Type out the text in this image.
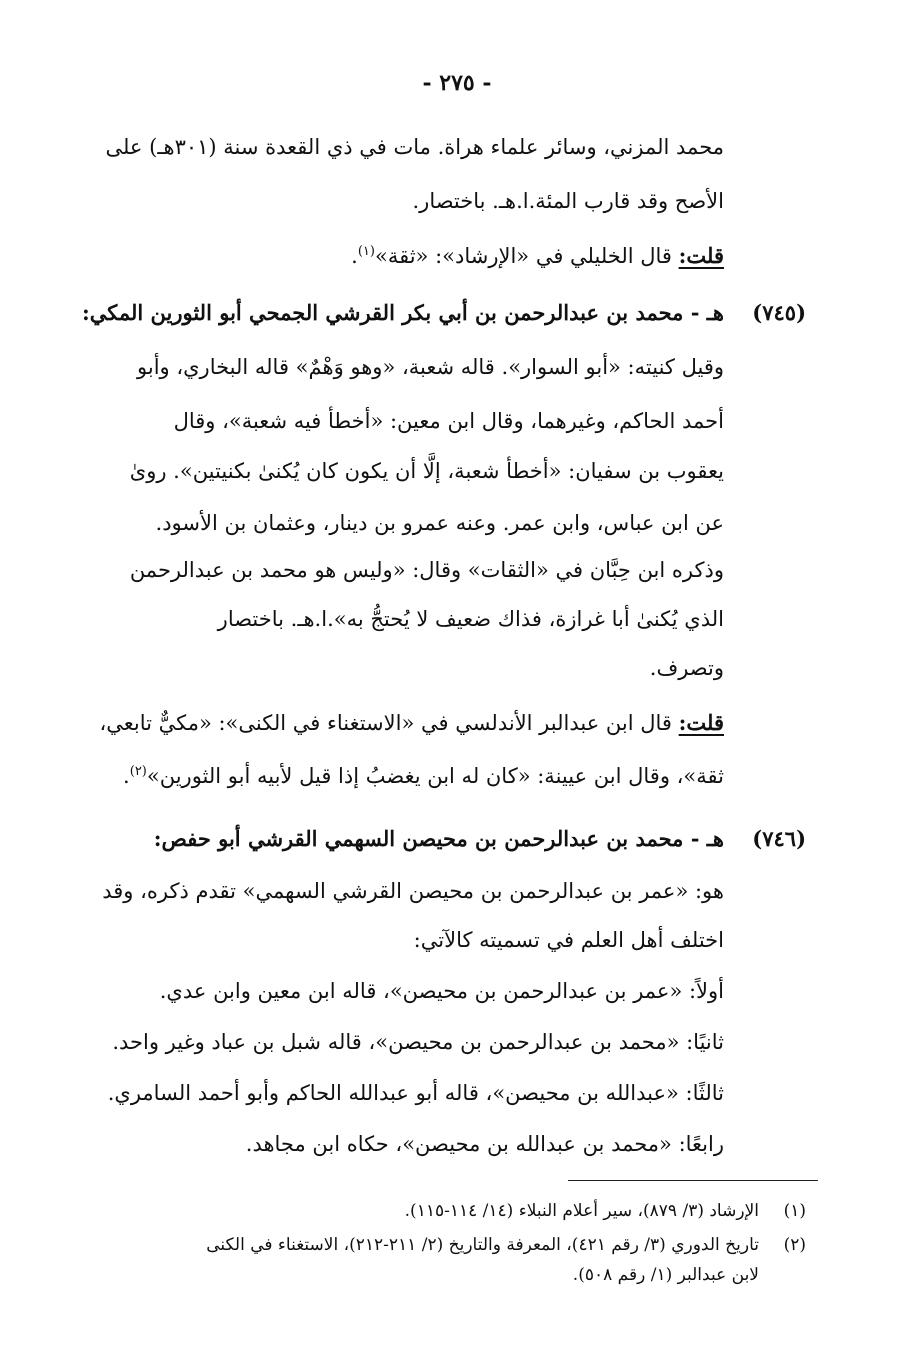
- ٢٧٥ -
محمد المزني، وسائر علماء هراة. مات في ذي القعدة سنة (٣٠١هـ) على
الأصح وقد قارب المئة.ا.هـ. باختصار.
قلت: قال الخليلي في «الإرشاد»: «ثقة»$^{(١)}$.
(٧٤٥)
هـ - محمد بن عبدالرحمن بن أبي بكر القرشي الجمحي أبو الثورين المكي:
وقيل كنيته: «أبو السوار». قاله شعبة، «وهو وَهْمٌ» قاله البخاري، وأبو
أحمد الحاكم، وغيرهما، وقال ابن معين: «أخطأ فيه شعبة»، وقال
يعقوب بن سفيان: «أخطأ شعبة، إلَّا أن يكون كان يُكنىٰ بكنيتين». روىٰ
عن ابن عباس، وابن عمر. وعنه عمرو بن دينار، وعثمان بن الأسود.
وذكره ابن حِبَّان في «الثقات» وقال: «وليس هو محمد بن عبدالرحمن
الذي يُكنىٰ أبا غرازة، فذاك ضعيف لا يُحتجُّ به».ا.هـ. باختصار
وتصرف.
قلت: قال ابن عبدالبر الأندلسي في «الاستغناء في الكنى»: «مكيٌّ تابعي،
ثقة»، وقال ابن عيينة: «كان له ابن يغضبُ إذا قيل لأبيه أبو الثورين»$^{(٢)}$.
(٧٤٦)
هـ - محمد بن عبدالرحمن بن محيصن السهمي القرشي أبو حفص:
هو: «عمر بن عبدالرحمن بن محيصن القرشي السهمي» تقدم ذكره، وقد
اختلف أهل العلم في تسميته كالآتي:
أولاً: «عمر بن عبدالرحمن بن محيصن»، قاله ابن معين وابن عدي.
ثانيًا: «محمد بن عبدالرحمن بن محيصن»، قاله شبل بن عباد وغير واحد.
ثالثًا: «عبدالله بن محيصن»، قاله أبو عبدالله الحاكم وأبو أحمد السامري.
رابعًا: «محمد بن عبدالله بن محيصن»، حكاه ابن مجاهد.
(١)
الإرشاد (٣/ ٨٧٩)، سير أعلام النبلاء (١٤/ ١١٤-١١٥).
(٢)
تاريخ الدوري (٣/ رقم ٤٢١)، المعرفة والتاريخ (٢/ ٢١١-٢١٢)، الاستغناء في الكنى
لابن عبدالبر (١/ رقم ٥٠٨).
